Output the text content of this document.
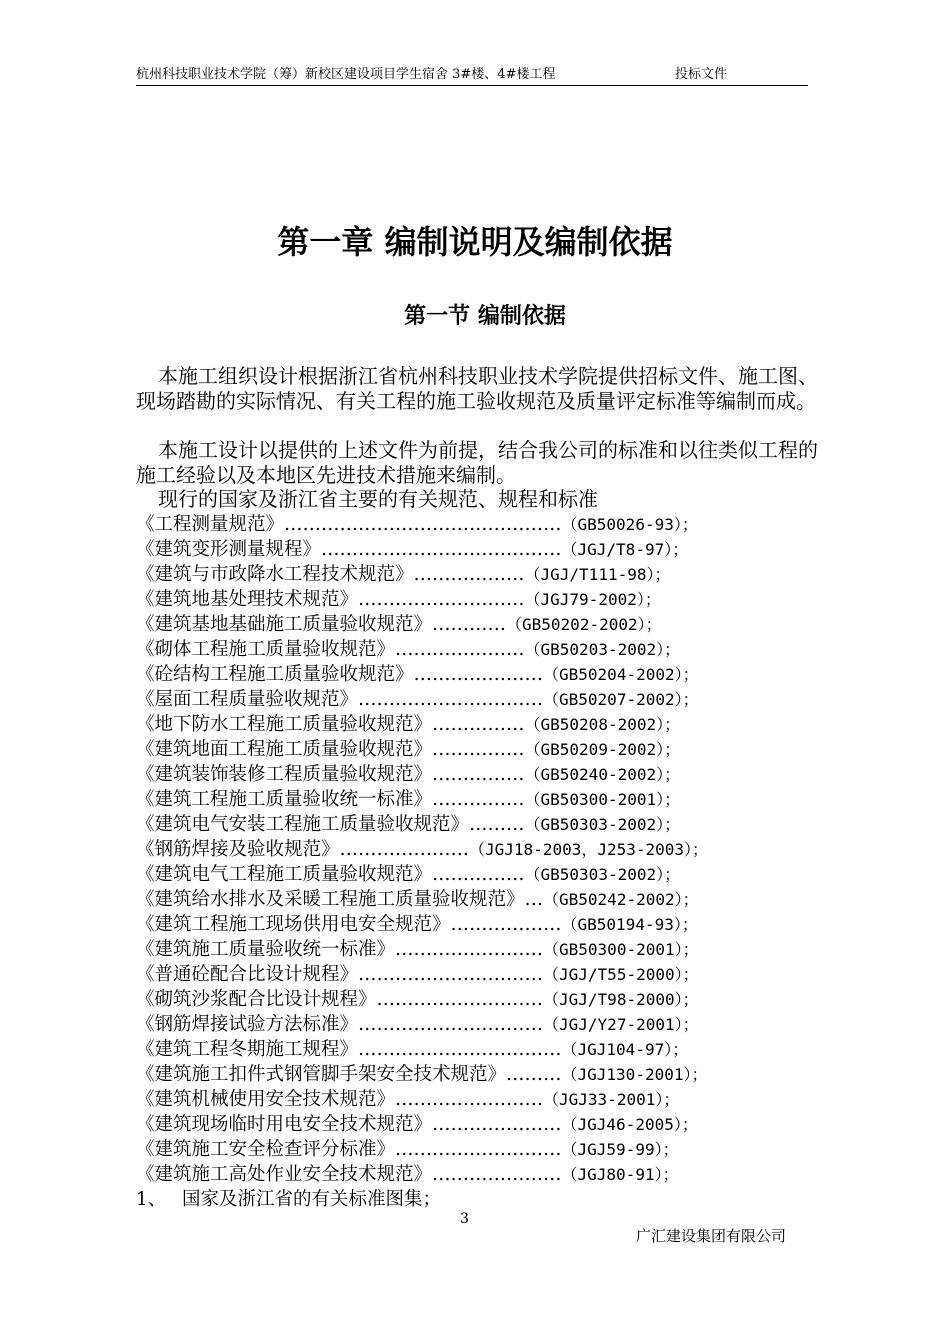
杭州科技职业技术学院（筹）新校区建设项目学生宿舍 3#楼、4#楼工程	投标文件
第一章 编制说明及编制依据
第一节 编制依据

本施工组织设计根据浙江省杭州科技职业技术学院提供招标文件、施工图、现场踏勘的实际情况、有关工程的施工验收规范及质量评定标准等编制而成。

本施工设计以提供的上述文件为前提，结合我公司的标准和以往类似工程的施工经验以及本地区先进技术措施来编制。

现行的国家及浙江省主要的有关规范、规程和标准

《工程测量规范》………………………………………（GB50026-93）；
《建筑变形测量规程》…………………………………（JGJ/T8-97）；
《建筑与市政降水工程技术规范》………………（JGJ/T111-98）；
《建筑地基处理技术规范》………………………（JGJ79-2002）；
《建筑基地基础施工质量验收规范》…………（GB50202-2002）；
《砌体工程施工质量验收规范》…………………（GB50203-2002）；
《砼结构工程施工质量验收规范》…………………（GB50204-2002）；
《屋面工程质量验收规范》…………………………（GB50207-2002）；
《地下防水工程施工质量验收规范》……………（GB50208-2002）；
《建筑地面工程施工质量验收规范》……………（GB50209-2002）；
《建筑装饰装修工程质量验收规范》……………（GB50240-2002）；
《建筑工程施工质量验收统一标准》……………（GB50300-2001）；
《建筑电气安装工程施工质量验收规范》………（GB50303-2002）；
《钢筋焊接及验收规范》…………………（JGJ18-2003，J253-2003）；
《建筑电气工程施工质量验收规范》……………（GB50303-2002）；
《建筑给水排水及采暖工程施工质量验收规范》…（GB50242-2002）；
《建筑工程施工现场供用电安全规范》………………（GB50194-93）；
《建筑施工质量验收统一标准》……………………（GB50300-2001）；
《普通砼配合比设计规程》…………………………（JGJ/T55-2000）；
《砌筑沙浆配合比设计规程》………………………（JGJ/T98-2000）；
《钢筋焊接试验方法标准》…………………………（JGJ/Y27-2001）；
《建筑工程冬期施工规程》……………………………（JGJ104-97）；
《建筑施工扣件式钢管脚手架安全技术规范》………（JGJ130-2001）；
《建筑机械使用安全技术规范》……………………（JGJ33-2001）；
《建筑现场临时用电安全技术规范》…………………（JGJ46-2005）；
《建筑施工安全检查评分标准》………………………（JGJ59-99）；
《建筑施工高处作业安全技术规范》…………………（JGJ80-91）；
1、 国家及浙江省的有关标准图集；
3
广汇建设集团有限公司
